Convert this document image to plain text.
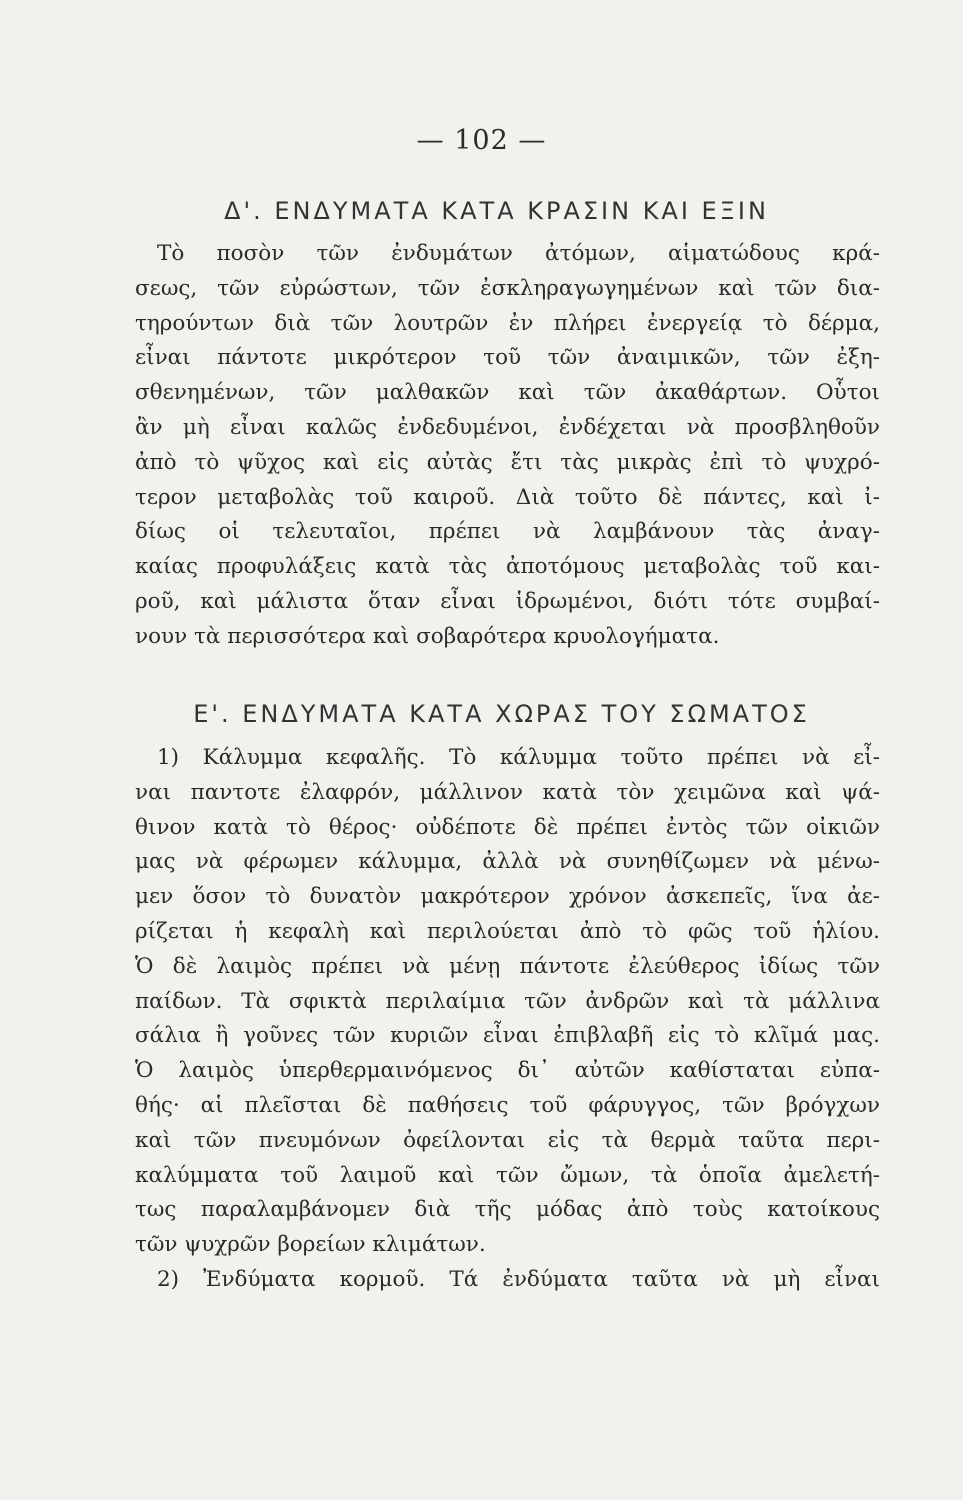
— 102 —
Δ'. ΕΝΔΥΜΑΤΑ ΚΑΤΑ ΚΡΑΣΙΝ ΚΑΙ ΕΞΙΝ
Τὸ ποσὸν τῶν ἐνδυμάτων ἀτόμων, αἱματώδους κρά-
σεως, τῶν εὐρώστων, τῶν ἐσκληραγωγημένων καὶ τῶν δια-
τηρούντων διὰ τῶν λουτρῶν ἐν πλήρει ἐνεργείᾳ τὸ δέρμα,
εἶναι πάντοτε μικρότερον τοῦ τῶν ἀναιμικῶν, τῶν ἐξη-
σθενημένων, τῶν μαλθακῶν καὶ τῶν ἀκαθάρτων. Οὗτοι
ἂν μὴ εἶναι καλῶς ἐνδεδυμένοι, ἐνδέχεται νὰ προσβληθοῦν
ἀπὸ τὸ ψῦχος καὶ εἰς αὐτὰς ἔτι τὰς μικρὰς ἐπὶ τὸ ψυχρό-
τερον μεταβολὰς τοῦ καιροῦ. Διὰ τοῦτο δὲ πάντες, καὶ ἰ-
δίως οἱ τελευταῖοι, πρέπει νὰ λαμβάνουν τὰς ἀναγ-
καίας προφυλάξεις κατὰ τὰς ἀποτόμους μεταβολὰς τοῦ και-
ροῦ, καὶ μάλιστα ὅταν εἶναι ἱδρωμένοι, διότι τότε συμβαί-
νουν τὰ περισσότερα καὶ σοβαρότερα κρυολογήματα.
Ε'. ΕΝΔΥΜΑΤΑ ΚΑΤΑ ΧΩΡΑΣ ΤΟΥ ΣΩΜΑΤΟΣ
1) Κάλυμμα κεφαλῆς. Τὸ κάλυμμα τοῦτο πρέπει νὰ εἶ-
ναι παντοτε ἐλαφρόν, μάλλινον κατὰ τὸν χειμῶνα καὶ ψά-
θινον κατὰ τὸ θέρος· οὐδέποτε δὲ πρέπει ἐντὸς τῶν οἰκιῶν
μας νὰ φέρωμεν κάλυμμα, ἀλλὰ νὰ συνηθίζωμεν νὰ μένω-
μεν ὅσον τὸ δυνατὸν μακρότερον χρόνον ἀσκεπεῖς, ἵνα ἀε-
ρίζεται ἡ κεφαλὴ καὶ περιλούεται ἀπὸ τὸ φῶς τοῦ ἡλίου.
Ὁ δὲ λαιμὸς πρέπει νὰ μένῃ πάντοτε ἐλεύθερος ἰδίως τῶν
παίδων. Τὰ σφικτὰ περιλαίμια τῶν ἀνδρῶν καὶ τὰ μάλλινα
σάλια ἢ γοῦνες τῶν κυριῶν εἶναι ἐπιβλαβῆ εἰς τὸ κλῖμά μας.
Ὁ λαιμὸς ὑπερθερμαινόμενος δι᾿ αὐτῶν καθίσταται εὐπα-
θής· αἱ πλεῖσται δὲ παθήσεις τοῦ φάρυγγος, τῶν βρόγχων
καὶ τῶν πνευμόνων ὀφείλονται εἰς τὰ θερμὰ ταῦτα περι-
καλύμματα τοῦ λαιμοῦ καὶ τῶν ὤμων, τὰ ὁποῖα ἀμελετή-
τως παραλαμβάνομεν διὰ τῆς μόδας ἀπὸ τοὺς κατοίκους
τῶν ψυχρῶν βορείων κλιμάτων.
2) Ἐνδύματα κορμοῦ. Τά ἐνδύματα ταῦτα νὰ μὴ εἶναι
